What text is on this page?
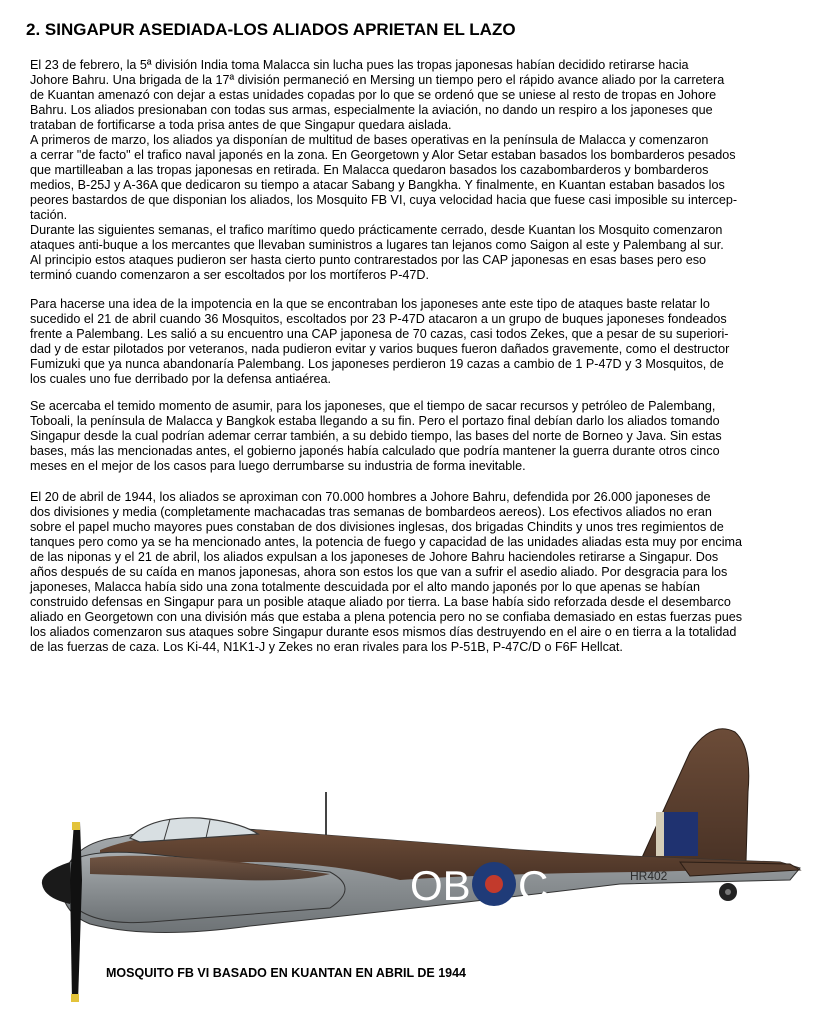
2. SINGAPUR ASEDIADA-LOS ALIADOS APRIETAN EL LAZO

El 23 de febrero, la 5ª división India toma Malacca sin lucha pues las tropas japonesas habían decidido retirarse hacia
Johore Bahru. Una brigada de la 17ª división permaneció en Mersing un tiempo pero el rápido avance aliado por la carretera
de Kuantan amenazó con dejar a estas unidades copadas por lo que se ordenó que se uniese al resto de tropas en Johore
Bahru. Los aliados presionaban con todas sus armas, especialmente la aviación, no dando un respiro a los japoneses que
trataban de fortificarse a toda prisa antes de que Singapur quedara aislada.
A primeros de marzo, los aliados ya disponían de multitud de bases operativas en la península de Malacca y comenzaron
a cerrar "de facto" el trafico naval japonés en la zona. En Georgetown y Alor Setar estaban basados los bombarderos pesados
que martilleaban a las tropas japonesas en retirada. En Malacca quedaron basados los cazabombarderos y bombarderos
medios, B-25J y A-36A que dedicaron su tiempo a atacar Sabang y Bangkha. Y finalmente, en Kuantan estaban basados los
peores bastardos de que disponian los aliados, los Mosquito FB VI, cuya velocidad hacia que fuese casi imposible su intercep-
tación.
Durante las siguientes semanas, el trafico marítimo quedo prácticamente cerrado, desde Kuantan los Mosquito comenzaron
ataques anti-buque a los mercantes que llevaban suministros a lugares tan lejanos como Saigon al este y Palembang al sur.
Al principio estos ataques pudieron ser hasta cierto punto contrarestados por las CAP japonesas en esas bases pero eso
terminó cuando comenzaron a ser escoltados por los mortíferos P-47D.

Para hacerse una idea de la impotencia en la que se encontraban los japoneses ante este tipo de ataques baste relatar lo
sucedido el 21 de abril cuando 36 Mosquitos, escoltados por 23 P-47D atacaron a un grupo de buques japoneses fondeados
frente a Palembang. Les salió a su encuentro una CAP japonesa de 70 cazas, casi todos Zekes, que a pesar de su superiori-
dad y de estar pilotados por veteranos, nada pudieron evitar y varios buques fueron dañados gravemente, como el destructor
Fumizuki que ya nunca abandonaría Palembang. Los japoneses perdieron 19 cazas a cambio de 1 P-47D y 3 Mosquitos, de
los cuales uno fue derribado por la defensa antiaérea.

Se acercaba el temido momento de asumir, para los japoneses, que el tiempo de sacar recursos y petróleo de Palembang,
Toboali, la península de Malacca y Bangkok estaba llegando a su fin. Pero el portazo final debían darlo los aliados tomando
Singapur desde la cual podrían ademar cerrar también, a su debido tiempo, las bases del norte de Borneo y Java. Sin estas
bases, más las mencionadas antes, el gobierno japonés había calculado que podría mantener la guerra durante otros cinco
meses en el mejor de los casos para luego derrumbarse su industria de forma inevitable.

El 20 de abril de 1944, los aliados se aproximan con 70.000 hombres a Johore Bahru, defendida por 26.000 japoneses de
dos divisiones y media (completamente machacadas tras semanas de bombardeos aereos). Los efectivos aliados no eran
sobre el papel mucho mayores pues constaban de dos divisiones inglesas, dos brigadas Chindits y unos tres regimientos de
tanques pero como ya se ha mencionado antes, la potencia de fuego y capacidad de las unidades aliadas esta muy por encima
de las niponas y el 21 de abril, los aliados expulsan a los japoneses de Johore Bahru haciendoles retirarse a Singapur. Dos
años después de su caída en manos japonesas, ahora son estos los que van a sufrir el asedio aliado. Por desgracia para los
japoneses, Malacca había sido una zona totalmente descuidada por el alto mando japonés por lo que apenas se habían
construido defensas en Singapur para un posible ataque aliado por tierra. La base había sido reforzada desde el desembarco
aliado en Georgetown con una división más que estaba a plena potencia pero no se confiaba demasiado en estas fuerzas pues
los aliados comenzaron sus ataques sobre Singapur durante esos mismos días destruyendo en el aire o en tierra a la totalidad
de las fuerzas de caza. Los Ki-44, N1K1-J y Zekes no eran rivales para los P-51B, P-47C/D o F6F Hellcat.

OB C	HR402
MOSQUITO FB VI BASADO EN KUANTAN EN ABRIL DE 1944
